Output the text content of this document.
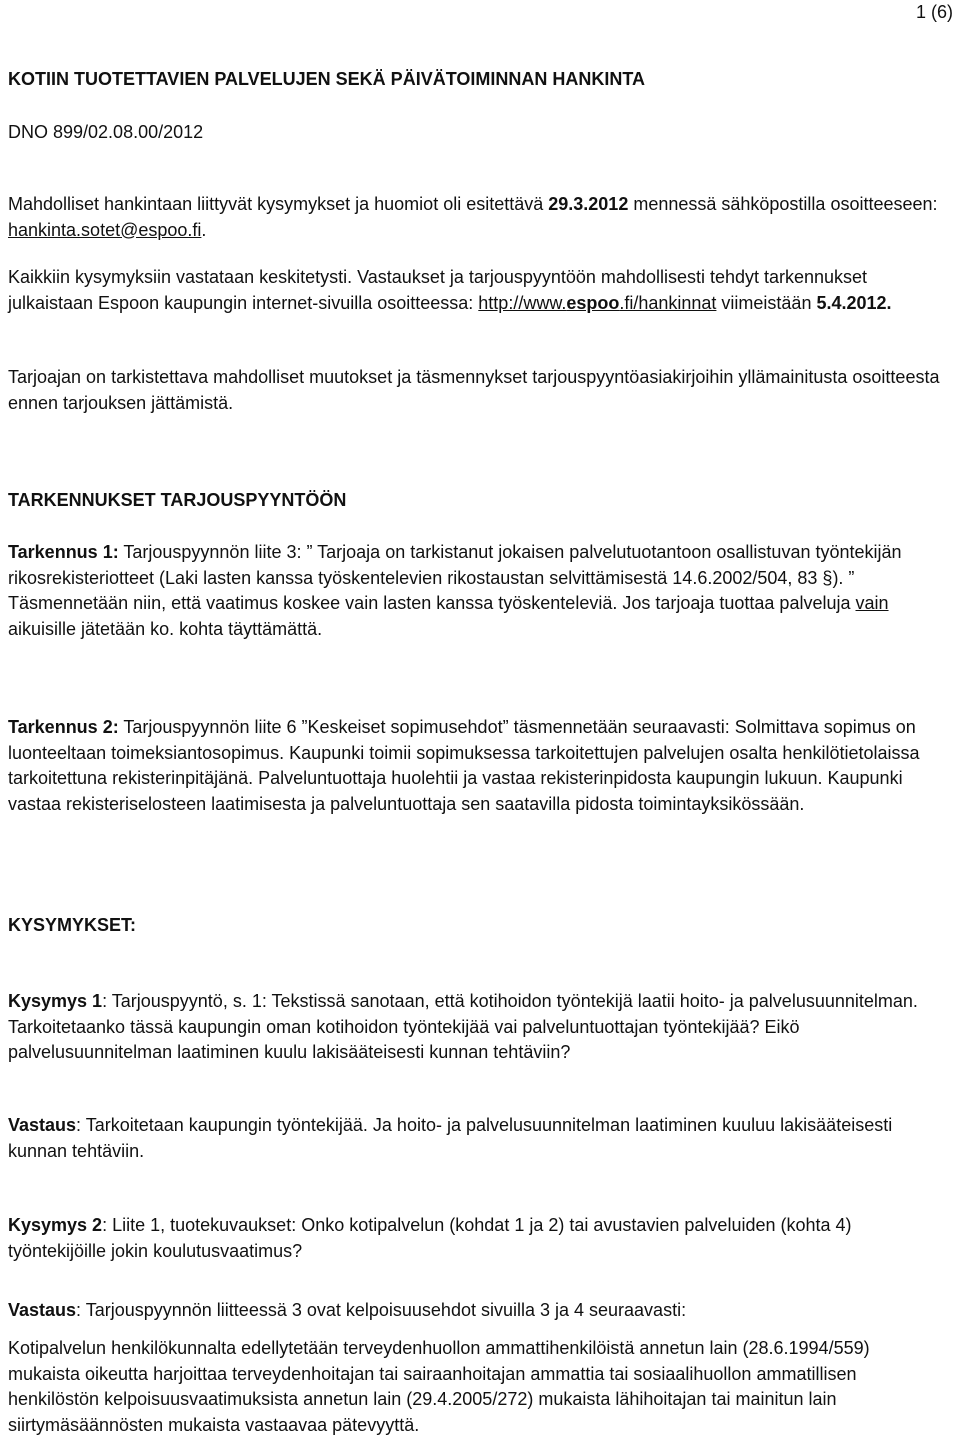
1 (6)

KOTIIN TUOTETTAVIEN PALVELUJEN SEKÄ PÄIVÄTOIMINNAN HANKINTA

DNO 899/02.08.00/2012

Mahdolliset hankintaan liittyvät kysymykset ja huomiot oli esitettävä 29.3.2012 mennessä sähköpostilla osoitteeseen: hankinta.sotet@espoo.fi.

Kaikkiin kysymyksiin vastataan keskitetysti. Vastaukset ja tarjouspyyntöön mahdollisesti tehdyt tarkennukset julkaistaan Espoon kaupungin internet-sivuilla osoitteessa: http://www.espoo.fi/hankinnat viimeistään 5.4.2012.

Tarjoajan on tarkistettava mahdolliset muutokset ja täsmennykset tarjouspyyntöasiakirjoihin yllämainitusta osoitteesta ennen tarjouksen jättämistä.

TARKENNUKSET TARJOUSPYYNTÖÖN

Tarkennus 1: Tarjouspyynnön liite 3: ” Tarjoaja on tarkistanut jokaisen palvelutuotantoon osallistuvan työntekijän rikosrekisteriotteet (Laki lasten kanssa työskentelevien rikostaustan selvittämisestä 14.6.2002/504, 83 §). ”

Täsmennetään niin, että vaatimus koskee vain lasten kanssa työskenteleviä. Jos tarjoaja tuottaa palveluja vain aikuisille jätetään ko. kohta täyttämättä.

Tarkennus 2: Tarjouspyynnön liite 6 ”Keskeiset sopimusehdot” täsmennetään seuraavasti: Solmittava sopimus on luonteeltaan toimeksiantosopimus. Kaupunki toimii sopimuksessa tarkoitettujen palvelujen osalta henkilötietolaissa tarkoitettuna rekisterinpitäjänä. Palveluntuottaja huolehtii ja vastaa rekisterinpidosta kaupungin lukuun. Kaupunki vastaa rekisteriselosteen laatimisesta ja palveluntuottaja sen saatavilla pidosta toimintayksikössään.

KYSYMYKSET:

Kysymys 1: Tarjouspyyntö, s. 1: Tekstissä sanotaan, että kotihoidon työntekijä laatii hoito- ja palvelusuunnitelman. Tarkoitetaanko tässä kaupungin oman kotihoidon työntekijää vai palveluntuottajan työntekijää? Eikö palvelusuunnitelman laatiminen kuulu lakisääteisesti kunnan tehtäviin?

Vastaus: Tarkoitetaan kaupungin työntekijää. Ja hoito- ja palvelusuunnitelman laatiminen kuuluu lakisääteisesti kunnan tehtäviin.

Kysymys 2: Liite 1, tuotekuvaukset: Onko kotipalvelun (kohdat 1 ja 2) tai avustavien palveluiden (kohta 4) työntekijöille jokin koulutusvaatimus?

Vastaus: Tarjouspyynnön liitteessä 3 ovat kelpoisuusehdot sivuilla 3 ja 4 seuraavasti:

Kotipalvelun henkilökunnalta edellytetään terveydenhuollon ammattihenkilöistä annetun lain (28.6.1994/559) mukaista oikeutta harjoittaa terveydenhoitajan tai sairaanhoitajan ammattia tai sosiaalihuollon ammatillisen henkilöstön kelpoisuusvaatimuksista annetun lain (29.4.2005/272) mukaista lähihoitajan tai mainitun lain siirtymäsäännösten mukaista vastaavaa pätevyyttä.
